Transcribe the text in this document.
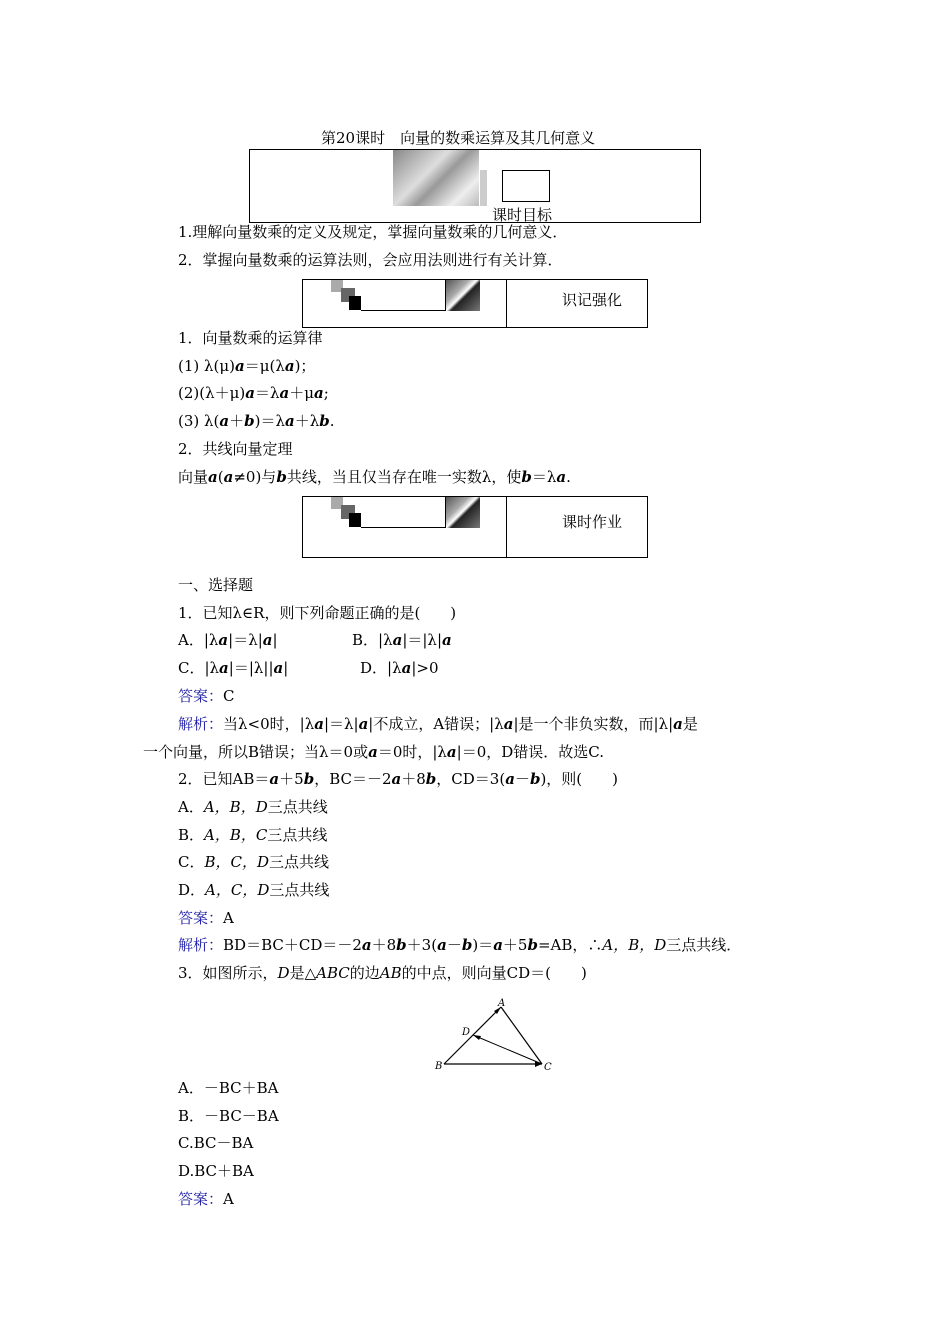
第20课时　向量的数乘运算及其几何意义
课时目标
1.理解向量数乘的定义及规定，掌握向量数乘的几何意义．
2．掌握向量数乘的运算法则，会应用法则进行有关计算．
识记强化
1．向量数乘的运算律
(1) λ(μ)a＝μ(λa)；
(2)(λ＋μ)a＝λa＋μa;
(3) λ(a＋b)＝λa＋λb.
2．共线向量定理
向量a(a≠0)与b共线，当且仅当存在唯一实数λ，使b＝λa.
课时作业
一、选择题
1．已知λ∈R，则下列命题正确的是(　　)
A．|λa|＝λ|a|	B．|λa|＝|λ|a
C．|λa|＝|λ||a|	D．|λa|>0
答案：C
解析：当λ<0时，|λa|＝λ|a|不成立，A错误；|λa|是一个非负实数，而|λ|a是
一个向量，所以B错误；当λ＝0或a＝0时，|λa|＝0，D错误．故选C.
2．已知AB＝a＋5b，BC＝－2a＋8b，CD＝3(a－b)，则(　　)
A．A，B，D三点共线
B．A，B，C三点共线
C．B，C，D三点共线
D．A，C，D三点共线
答案：A
解析：BD＝BC＋CD＝－2a＋8b＋3(a－b)＝a＋5b=AB，∴A，B，D三点共线．
3．如图所示，D是△ABC的边AB的中点，则向量CD＝(　　)
A
B	C
D
A．－BC＋BA
B．－BC－BA
C.BC－BA
D.BC＋BA
答案：A
